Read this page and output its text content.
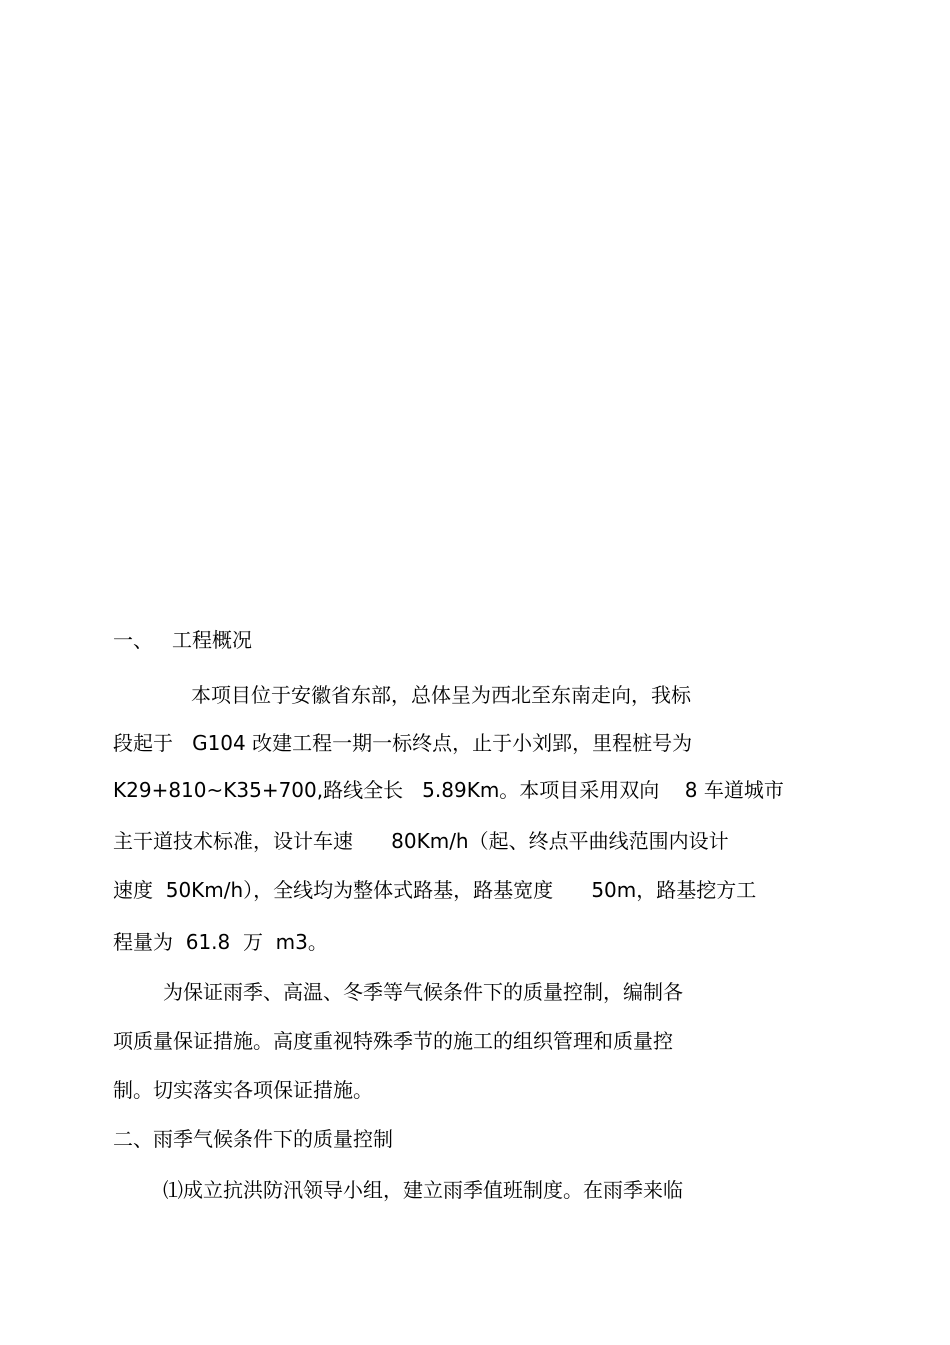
一、 工程概况
本项目位于安徽省东部，总体呈为西北至东南走向，我标
段起于   G104 改建工程一期一标终点，止于小刘郢，里程桩号为
K29+810~K35+700,路线全长   5.89Km。本项目采用双向    8 车道城市
主干道技术标准，设计车速      80Km/h（起、终点平曲线范围内设计
速度  50Km/h），全线均为整体式路基，路基宽度      50m，路基挖方工
程量为  61.8  万  m3。
为保证雨季、高温、冬季等气候条件下的质量控制，编制各
项质量保证措施。高度重视特殊季节的施工的组织管理和质量控
制。切实落实各项保证措施。
二、雨季气候条件下的质量控制
⑴成立抗洪防汛领导小组，建立雨季值班制度。在雨季来临
